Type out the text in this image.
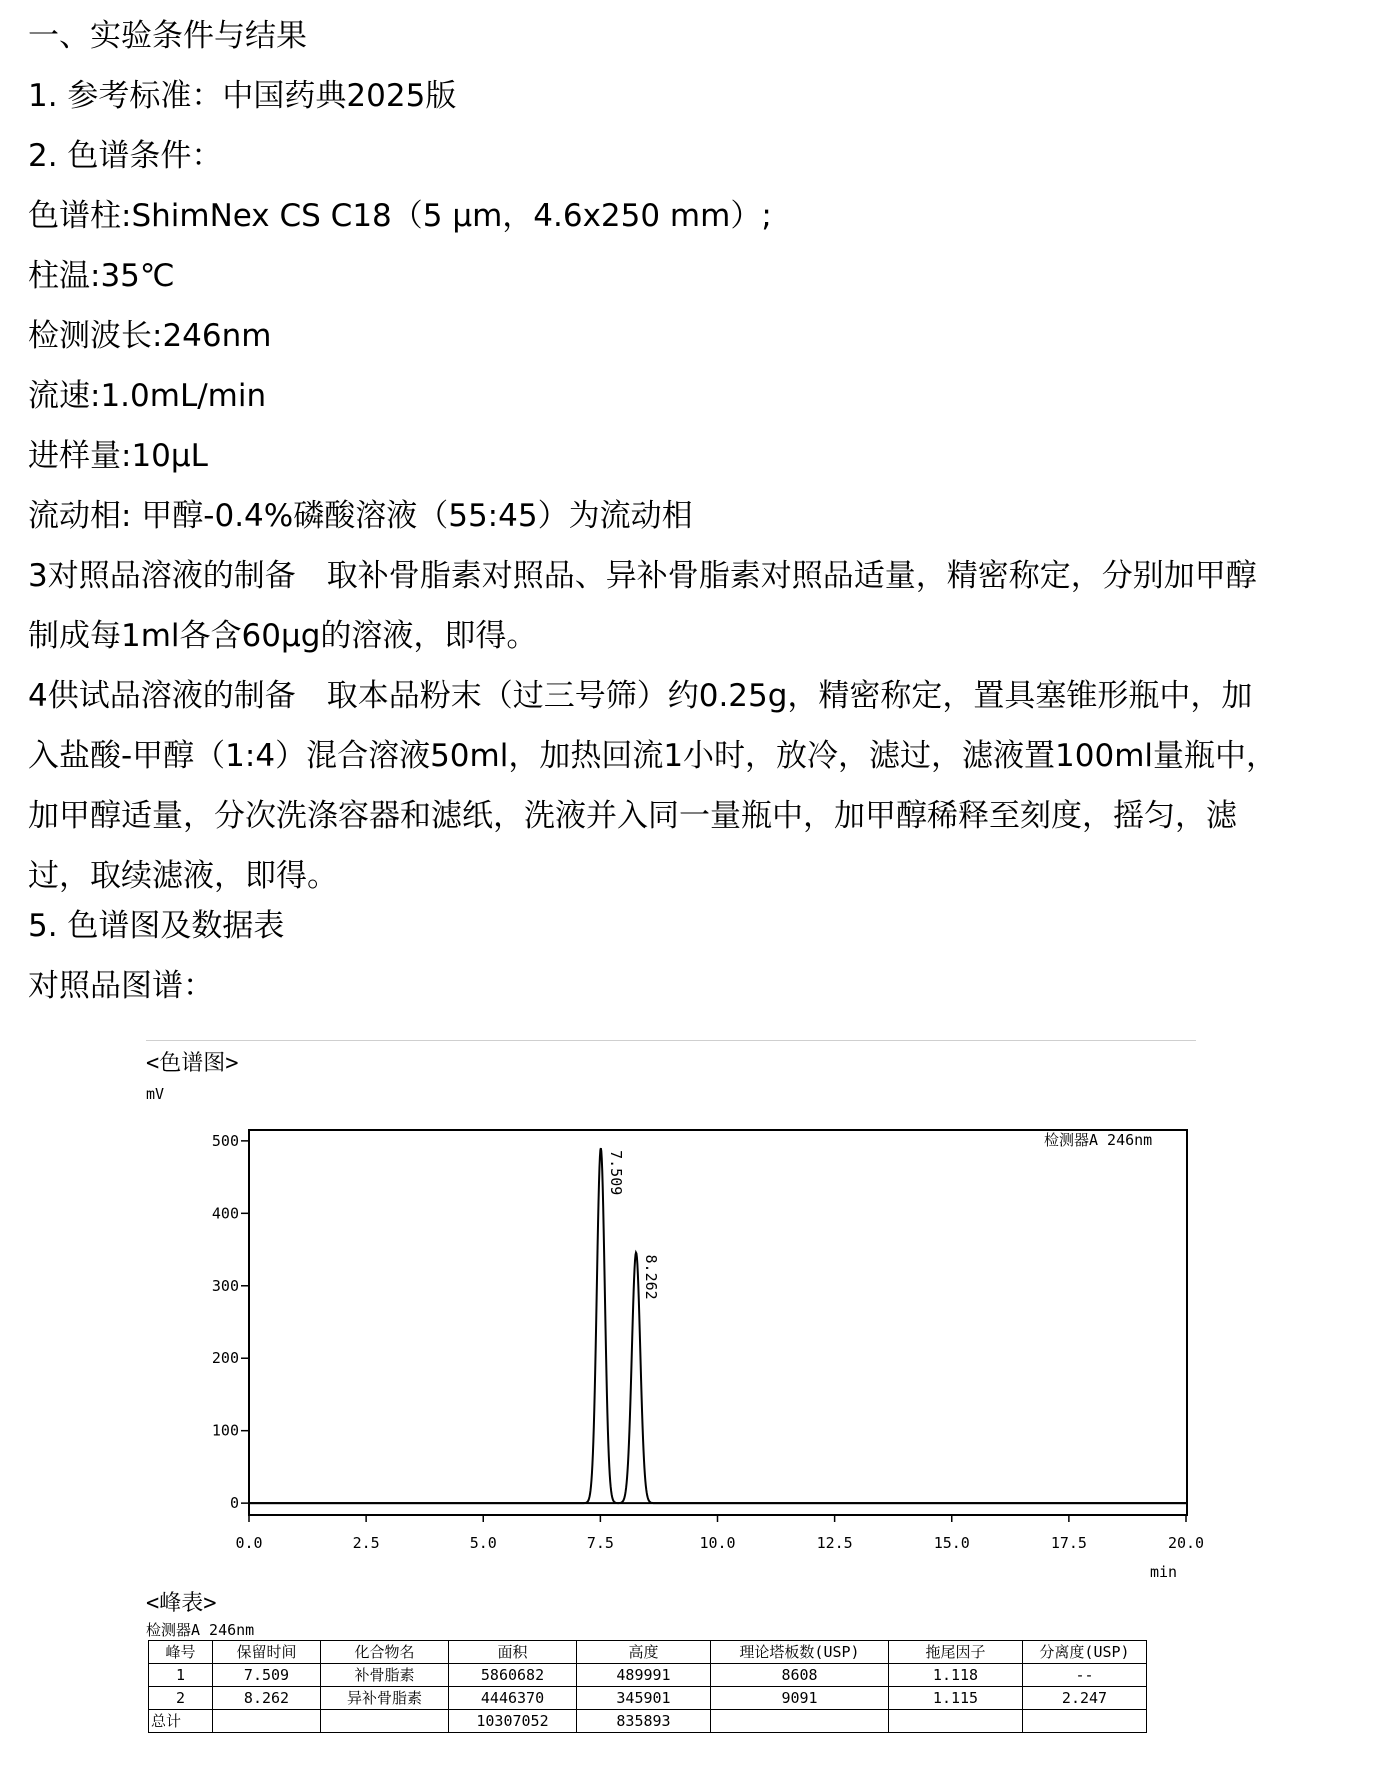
一、实验条件与结果
1. 参考标准：中国药典2025版
2. 色谱条件：
色谱柱:ShimNex CS C18（5 μm，4.6x250 mm）;
柱温:35℃
检测波长:246nm
流速:1.0mL/min
进样量:10μL
流动相: 甲醇-0.4%磷酸溶液（55:45）为流动相
3对照品溶液的制备　取补骨脂素对照品、异补骨脂素对照品适量，精密称定，分别加甲醇
制成每1ml各含60μg的溶液，即得。
4供试品溶液的制备　取本品粉末（过三号筛）约0.25g，精密称定，置具塞锥形瓶中，加
入盐酸-甲醇（1:4）混合溶液50ml，加热回流1小时，放冷，滤过，滤液置100ml量瓶中，
加甲醇适量，分次洗涤容器和滤纸，洗液并入同一量瓶中，加甲醇稀释至刻度，摇匀，滤
过，取续滤液，即得。
5. 色谱图及数据表
对照品图谱：
<色谱图>
mV
检测器A 246nm
min
0.0	2.5	5.0	7.5	10.0	12.5	15.0	17.5	20.0
0
100
200
300
400
500
7.509
8.262
<峰表>
检测器A 246nm
峰号	保留时间	化合物名	面积	高度	理论塔板数(USP)	拖尾因子	分离度(USP)
1	7.509	补骨脂素	5860682	489991	8608	1.118	--
2	8.262	异补骨脂素	4446370	345901	9091	1.115	2.247
总计			10307052	835893			
